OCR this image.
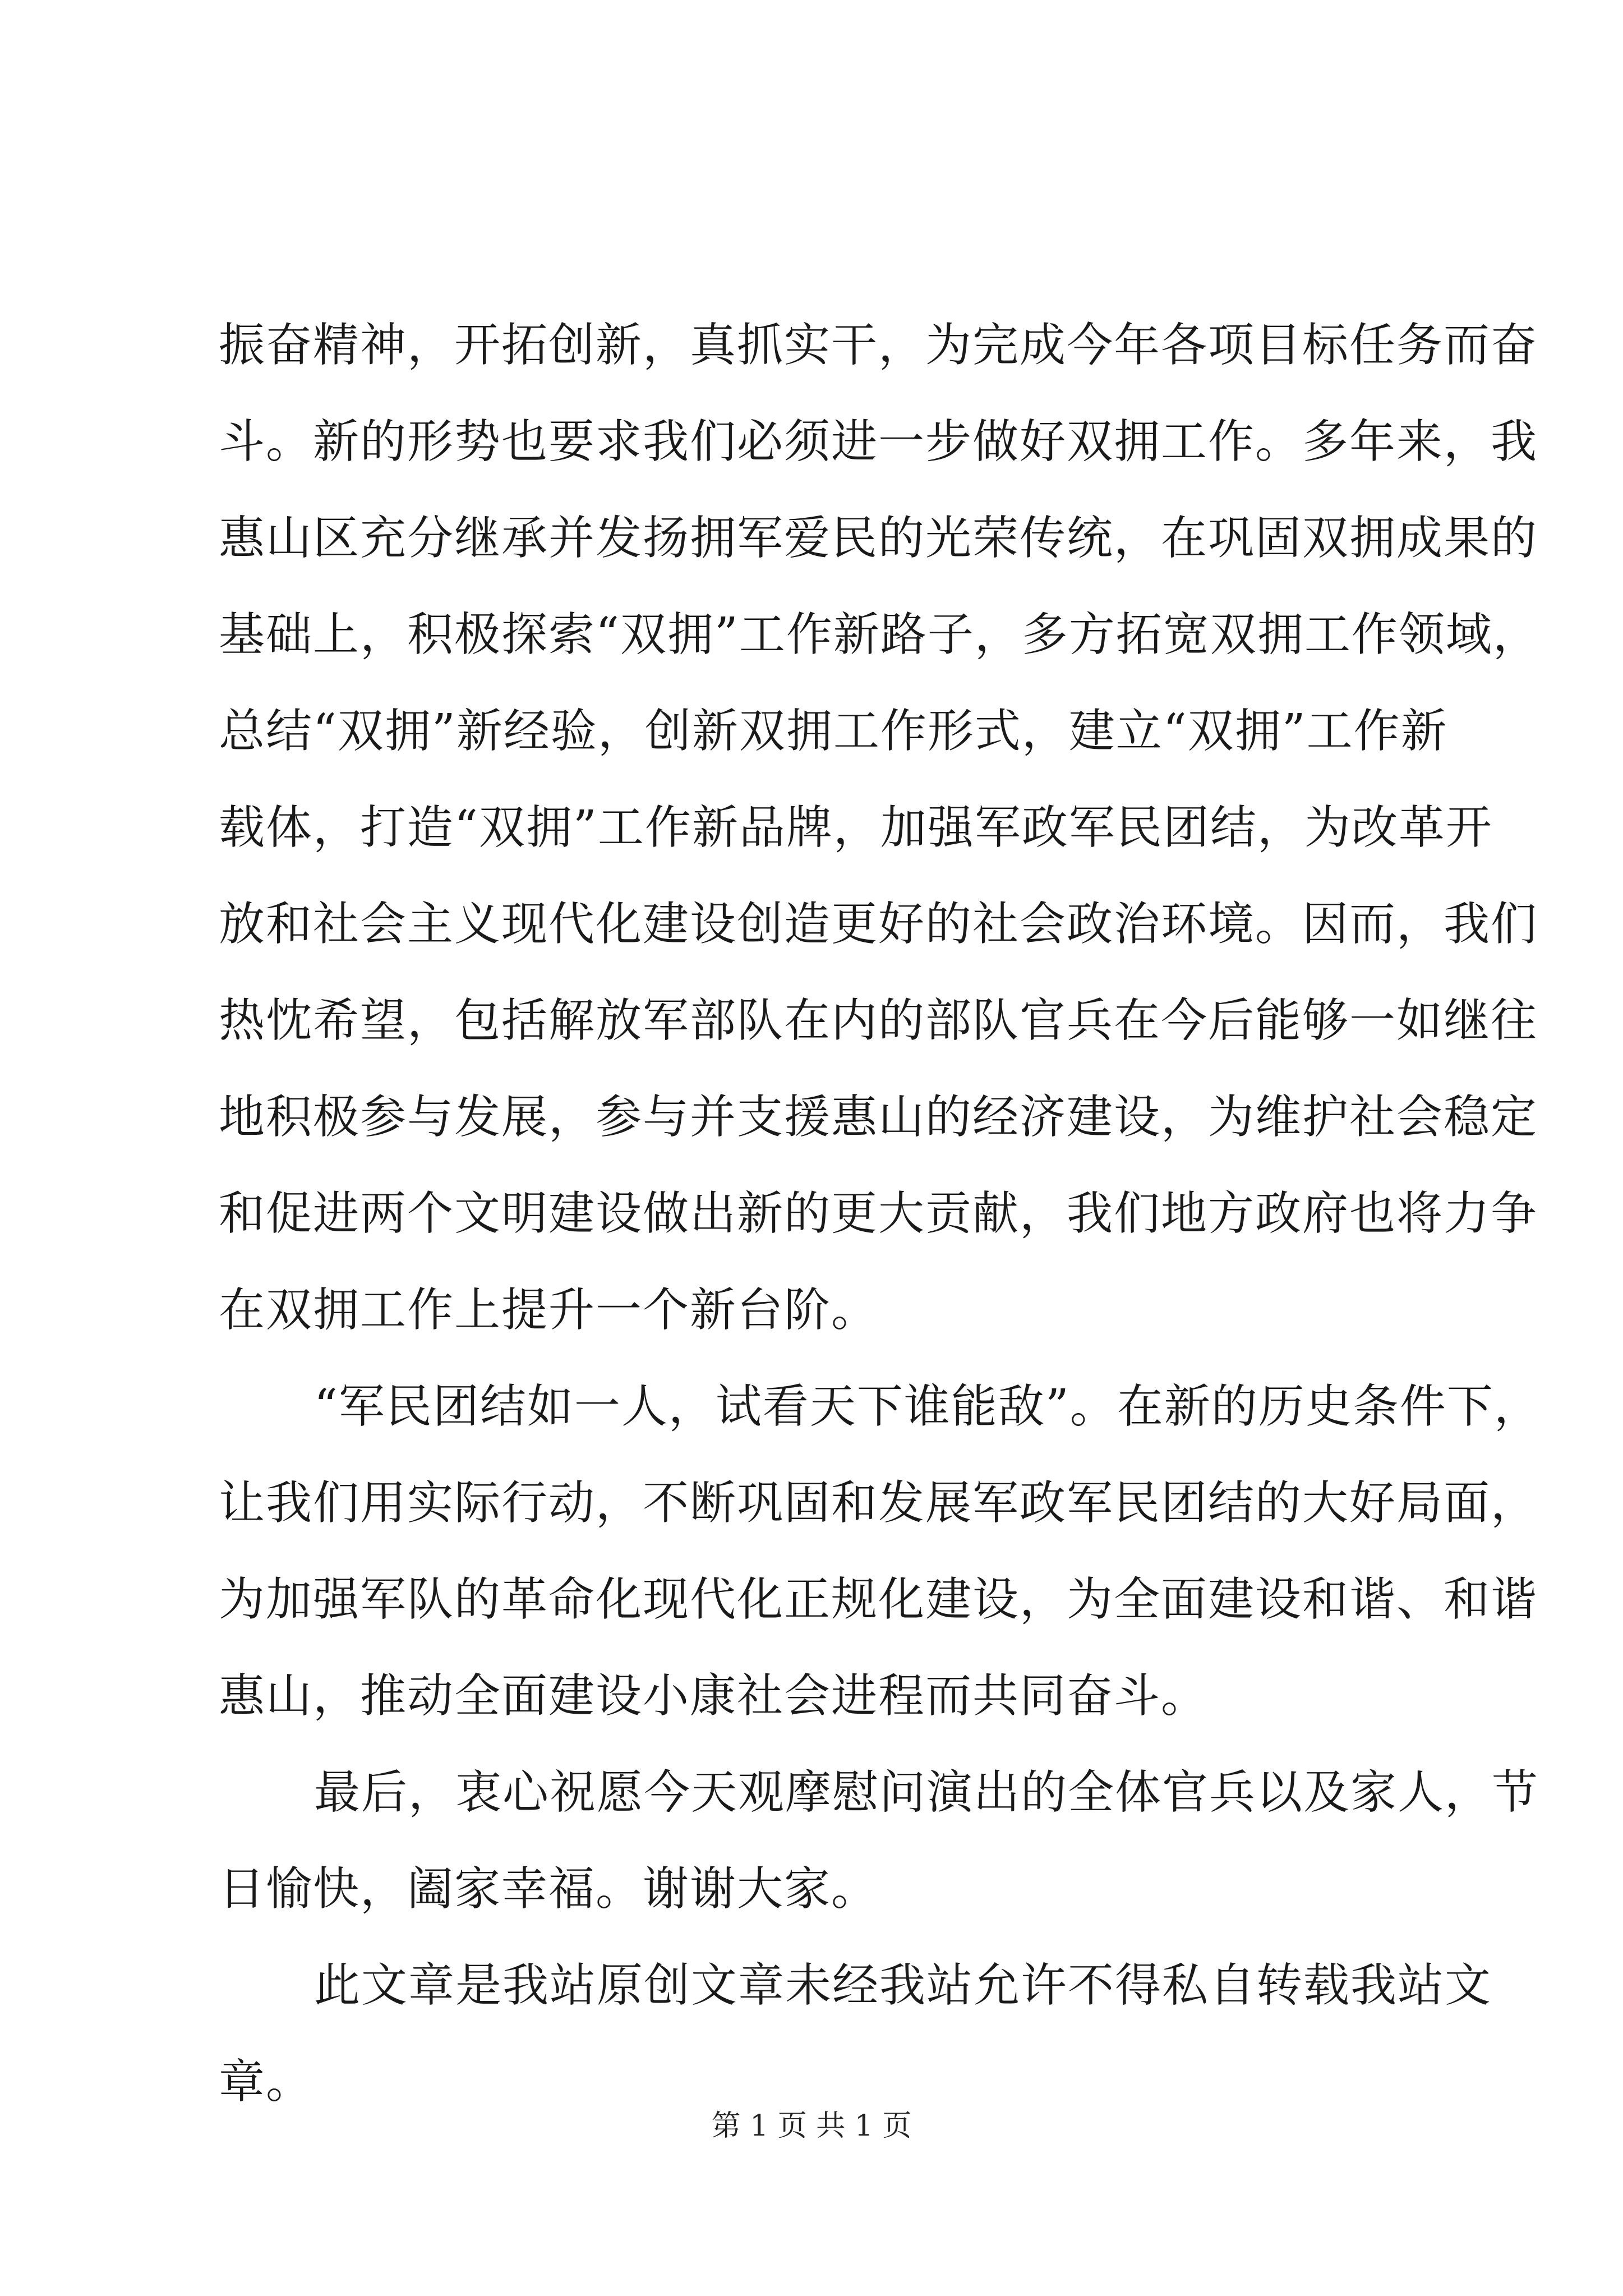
振奋精神，开拓创新，真抓实干，为完成今年各项目标任务而奋
斗。新的形势也要求我们必须进一步做好双拥工作。多年来，我
惠山区充分继承并发扬拥军爱民的光荣传统，在巩固双拥成果的
基础上，积极探索“双拥”工作新路子，多方拓宽双拥工作领域，
总结“双拥”新经验，创新双拥工作形式，建立“双拥”工作新
载体，打造“双拥”工作新品牌，加强军政军民团结，为改革开
放和社会主义现代化建设创造更好的社会政治环境。因而，我们
热忱希望，包括解放军部队在内的部队官兵在今后能够一如继往
地积极参与发展，参与并支援惠山的经济建设，为维护社会稳定
和促进两个文明建设做出新的更大贡献，我们地方政府也将力争
在双拥工作上提升一个新台阶。
“军民团结如一人，试看天下谁能敌”。在新的历史条件下，
让我们用实际行动，不断巩固和发展军政军民团结的大好局面，
为加强军队的革命化现代化正规化建设，为全面建设和谐、和谐
惠山，推动全面建设小康社会进程而共同奋斗。
最后，衷心祝愿今天观摩慰问演出的全体官兵以及家人，节
日愉快，阖家幸福。谢谢大家。
此文章是我站原创文章未经我站允许不得私自转载我站文
章。
第 1 页 共 1 页
